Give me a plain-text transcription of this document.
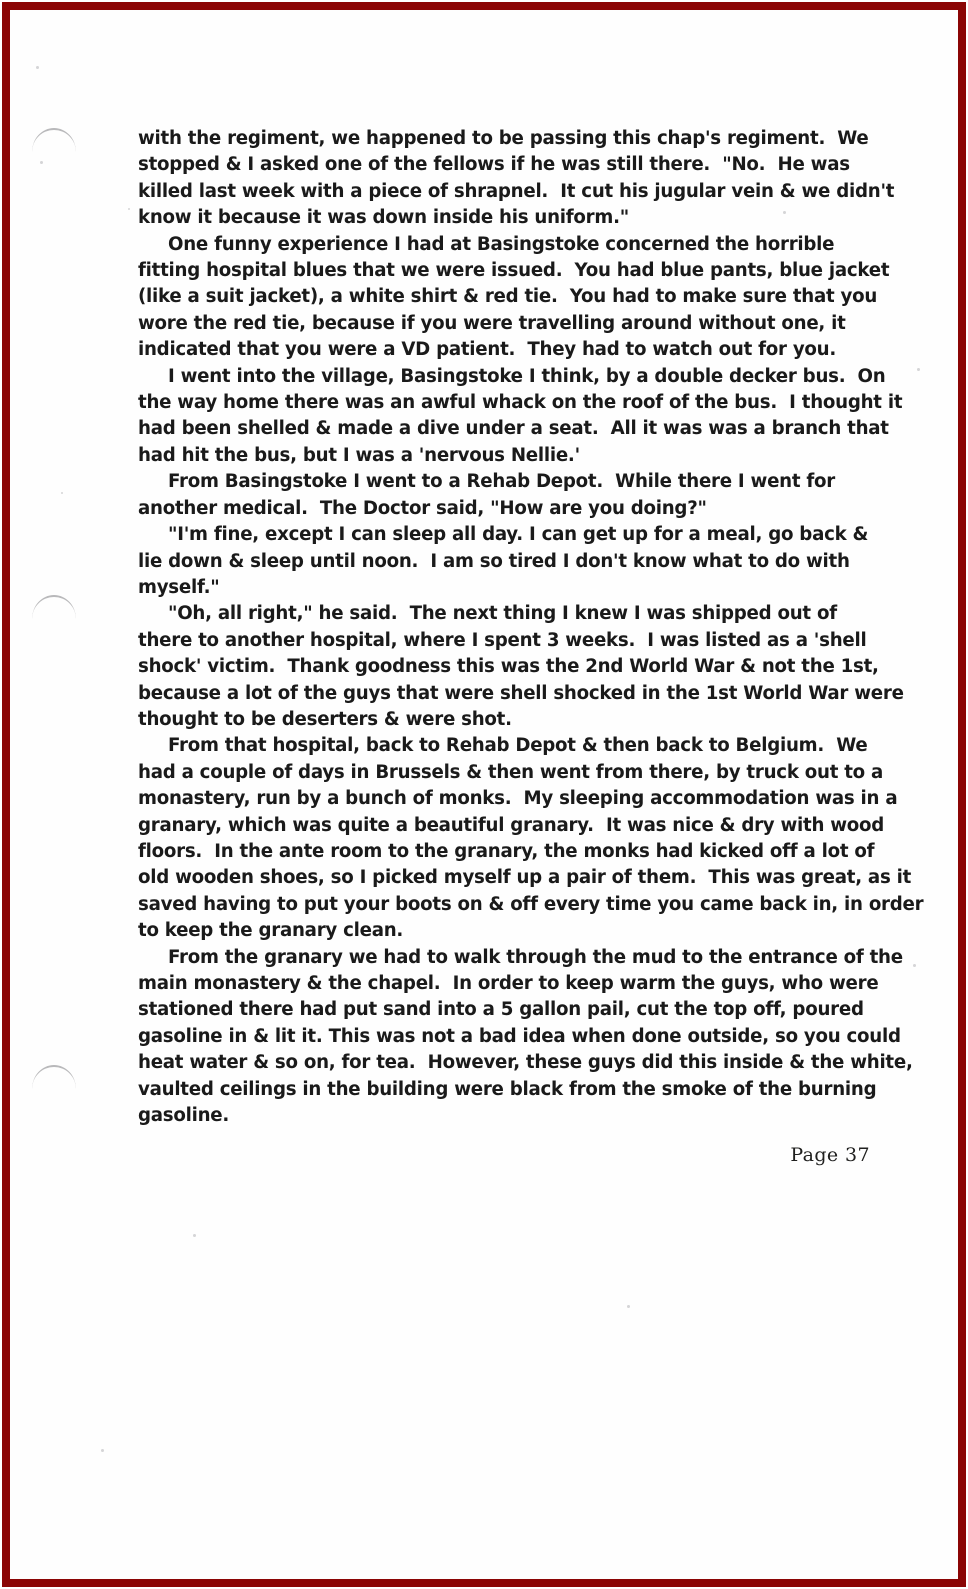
with the regiment, we happened to be passing this chap's regiment.  We
stopped & I asked one of the fellows if he was still there.  "No.  He was
killed last week with a piece of shrapnel.  It cut his jugular vein & we didn't
know it because it was down inside his uniform."

One funny experience I had at Basingstoke concerned the horrible
fitting hospital blues that we were issued.  You had blue pants, blue jacket
(like a suit jacket), a white shirt & red tie.  You had to make sure that you
wore the red tie, because if you were travelling around without one, it
indicated that you were a VD patient.  They had to watch out for you.

I went into the village, Basingstoke I think, by a double decker bus.  On
the way home there was an awful whack on the roof of the bus.  I thought it
had been shelled & made a dive under a seat.  All it was was a branch that
had hit the bus, but I was a 'nervous Nellie.'

From Basingstoke I went to a Rehab Depot.  While there I went for
another medical.  The Doctor said, "How are you doing?"

"I'm fine, except I can sleep all day. I can get up for a meal, go back &
lie down & sleep until noon.  I am so tired I don't know what to do with
myself."

"Oh, all right," he said.  The next thing I knew I was shipped out of
there to another hospital, where I spent 3 weeks.  I was listed as a 'shell
shock' victim.  Thank goodness this was the 2nd World War & not the 1st,
because a lot of the guys that were shell shocked in the 1st World War were
thought to be deserters & were shot.

From that hospital, back to Rehab Depot & then back to Belgium.  We
had a couple of days in Brussels & then went from there, by truck out to a
monastery, run by a bunch of monks.  My sleeping accommodation was in a
granary, which was quite a beautiful granary.  It was nice & dry with wood
floors.  In the ante room to the granary, the monks had kicked off a lot of
old wooden shoes, so I picked myself up a pair of them.  This was great, as it
saved having to put your boots on & off every time you came back in, in order
to keep the granary clean.

From the granary we had to walk through the mud to the entrance of the
main monastery & the chapel.  In order to keep warm the guys, who were
stationed there had put sand into a 5 gallon pail, cut the top off, poured
gasoline in & lit it. This was not a bad idea when done outside, so you could
heat water & so on, for tea.  However, these guys did this inside & the white,
vaulted ceilings in the building were black from the smoke of the burning
gasoline.

Page 37
